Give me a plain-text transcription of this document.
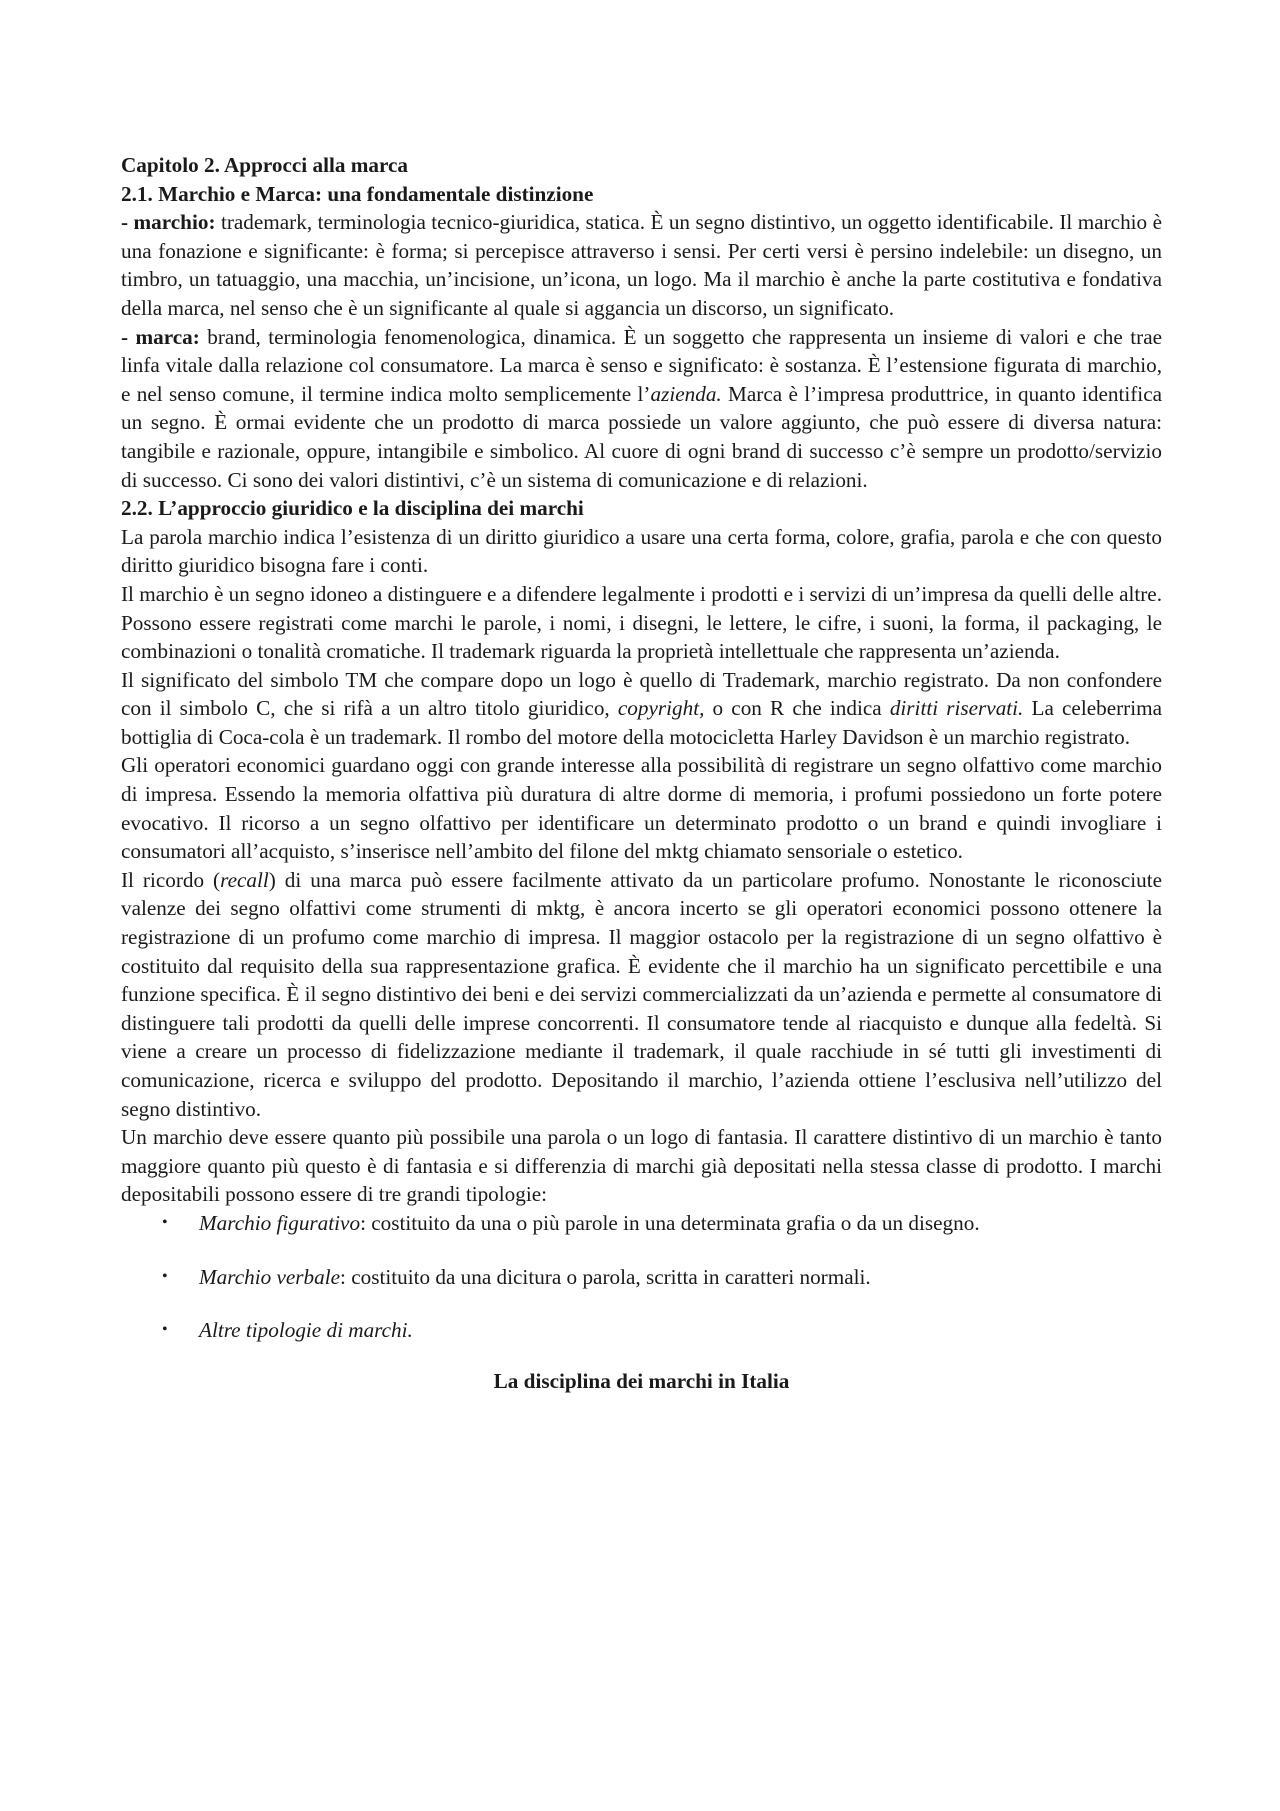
Capitolo 2. Approcci alla marca
2.1. Marchio e Marca: una fondamentale distinzione

- marchio: trademark, terminologia tecnico-giuridica, statica. È un segno distintivo, un oggetto identificabile. Il marchio è una fonazione e significante: è forma; si percepisce attraverso i sensi. Per certi versi è persino indelebile: un disegno, un timbro, un tatuaggio, una macchia, un’incisione, un’icona, un logo. Ma il marchio è anche la parte costitutiva e fondativa della marca, nel senso che è un significante al quale si aggancia un discorso, un significato.

- marca: brand, terminologia fenomenologica, dinamica. È un soggetto che rappresenta un insieme di valori e che trae linfa vitale dalla relazione col consumatore. La marca è senso e significato: è sostanza. È l’estensione figurata di marchio, e nel senso comune, il termine indica molto semplicemente l’azienda. Marca è l’impresa produttrice, in quanto identifica un segno. È ormai evidente che un prodotto di marca possiede un valore aggiunto, che può essere di diversa natura: tangibile e razionale, oppure, intangibile e simbolico. Al cuore di ogni brand di successo c’è sempre un prodotto/servizio di successo. Ci sono dei valori distintivi, c’è un sistema di comunicazione e di relazioni.

2.2. L’approccio giuridico e la disciplina dei marchi

La parola marchio indica l’esistenza di un diritto giuridico a usare una certa forma, colore, grafia, parola e che con questo diritto giuridico bisogna fare i conti.

Il marchio è un segno idoneo a distinguere e a difendere legalmente i prodotti e i servizi di un’impresa da quelli delle altre. Possono essere registrati come marchi le parole, i nomi, i disegni, le lettere, le cifre, i suoni, la forma, il packaging, le combinazioni o tonalità cromatiche. Il trademark riguarda la proprietà intellettuale che rappresenta un’azienda.

Il significato del simbolo TM che compare dopo un logo è quello di Trademark, marchio registrato. Da non confondere con il simbolo C, che si rifà a un altro titolo giuridico, copyright, o con R che indica diritti riservati. La celeberrima bottiglia di Coca-cola è un trademark. Il rombo del motore della motocicletta Harley Davidson è un marchio registrato.

Gli operatori economici guardano oggi con grande interesse alla possibilità di registrare un segno olfattivo come marchio di impresa. Essendo la memoria olfattiva più duratura di altre dorme di memoria, i profumi possiedono un forte potere evocativo. Il ricorso a un segno olfattivo per identificare un determinato prodotto o un brand e quindi invogliare i consumatori all’acquisto, s’inserisce nell’ambito del filone del mktg chiamato sensoriale o estetico.

Il ricordo (recall) di una marca può essere facilmente attivato da un particolare profumo. Nonostante le riconosciute valenze dei segno olfattivi come strumenti di mktg, è ancora incerto se gli operatori economici possono ottenere la registrazione di un profumo come marchio di impresa. Il maggior ostacolo per la registrazione di un segno olfattivo è costituito dal requisito della sua rappresentazione grafica. È evidente che il marchio ha un significato percettibile e una funzione specifica. È il segno distintivo dei beni e dei servizi commercializzati da un’azienda e permette al consumatore di distinguere tali prodotti da quelli delle imprese concorrenti. Il consumatore tende al riacquisto e dunque alla fedeltà. Si viene a creare un processo di fidelizzazione mediante il trademark, il quale racchiude in sé tutti gli investimenti di comunicazione, ricerca e sviluppo del prodotto. Depositando il marchio, l’azienda ottiene l’esclusiva nell’utilizzo del segno distintivo.

Un marchio deve essere quanto più possibile una parola o un logo di fantasia. Il carattere distintivo di un marchio è tanto maggiore quanto più questo è di fantasia e si differenzia di marchi già depositati nella stessa classe di prodotto. I marchi depositabili possono essere di tre grandi tipologie:

• Marchio figurativo: costituito da una o più parole in una determinata grafia o da un disegno.
• Marchio verbale: costituito da una dicitura o parola, scritta in caratteri normali.
• Altre tipologie di marchi.
La disciplina dei marchi in Italia
